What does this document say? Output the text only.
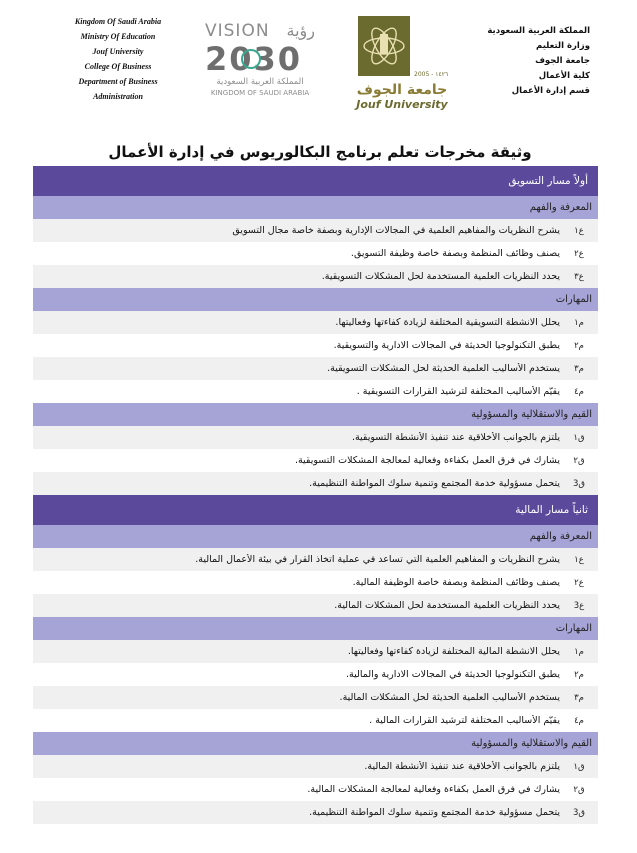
Kingdom Of Saudi Arabia
Ministry Of Education
Jouf University
College Of Business
Department of Business
Administration
VISION رؤية
2030
المملكة العربية السعودية
KINGDOM OF SAUDI ARABIA
2005 - ١٤٢٦
جامعة الجوف
Jouf University
المملكة العربية السعودية
وزارة التعليم
جامعة الجوف
كلية الأعمال
قسم إدارة الأعمال
وثيقة مخرجات تعلم برنامج البكالوريوس في إدارة الأعمال
أولاً مسار التسويق
المعرفة والفهم
ع١
يشرح النظريات والمفاهيم العلمية في المجالات الإدارية وبصفة خاصة مجال التسويق
ع٢
يصنف وظائف المنظمة وبصفة خاصة وظيفة التسويق.
ع٣
يحدد النظريات العلمية المستخدمة لحل المشكلات التسويقية.
المهارات
م١
يحلل الانشطة التسويقية المختلفة لزيادة كفاءتها وفعاليتها.
م٢
يطبق التكنولوجيا الحديثة في المجالات الادارية والتسويقية.
م٣
يستخدم الأساليب العلمية الحديثة لحل المشكلات التسويقية.
م٤
يقيّم الأساليب المختلفة لترشيد القرارات التسويقية .
القيم والاستقلالية والمسؤولية
ق١
يلتزم بالجوانب الأخلاقية عند تنفيذ الأنشطة التسويقية.
ق٢
يشارك في فرق العمل بكفاءة وفعالية لمعالجة المشكلات التسويقية.
ق3
يتحمل مسؤولية خدمة المجتمع وتنمية سلوك المواطنة التنظيمية.
ثانياً مسار المالية
المعرفة والفهم
ع١
يشرح النظريات و المفاهيم العلمية التي تساعد في عملية اتخاذ القرار في بيئة الأعمال المالية.
ع٢
يصنف وظائف المنظمة وبصفة خاصة الوظيفة المالية.
ع3
يحدد النظريات العلمية المستخدمة لحل المشكلات المالية.
المهارات
م١
يحلل الانشطة المالية المختلفة لزيادة كفاءتها وفعاليتها.
م٢
يطبق التكنولوجيا الحديثة في المجالات الادارية والمالية.
م٣
يستخدم الأساليب العلمية الحديثة لحل المشكلات المالية.
م٤
يقيّم الأساليب المختلفة لترشيد القرارات المالية .
القيم والاستقلالية والمسؤولية
ق١
يلتزم بالجوانب الأخلاقية عند تنفيذ الأنشطة المالية.
ق٢
يشارك في فرق العمل بكفاءة وفعالية لمعالجة المشكلات المالية.
ق3
يتحمل مسؤولية خدمة المجتمع وتنمية سلوك المواطنة التنظيمية.
